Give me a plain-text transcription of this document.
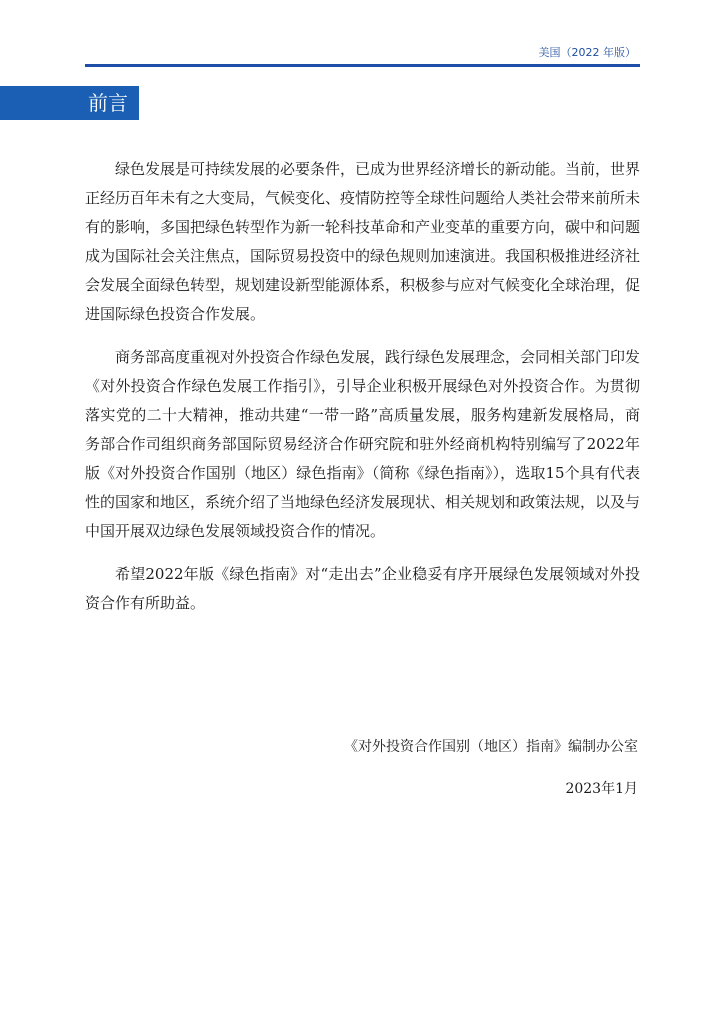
美国（2022 年版）
前言

绿色发展是可持续发展的必要条件，已成为世界经济增长的新动能。当前，世界正经历百年未有之大变局，气候变化、疫情防控等全球性问题给人类社会带来前所未有的影响，多国把绿色转型作为新一轮科技革命和产业变革的重要方向，碳中和问题成为国际社会关注焦点，国际贸易投资中的绿色规则加速演进。我国积极推进经济社会发展全面绿色转型，规划建设新型能源体系，积极参与应对气候变化全球治理，促进国际绿色投资合作发展。

商务部高度重视对外投资合作绿色发展，践行绿色发展理念，会同相关部门印发《对外投资合作绿色发展工作指引》，引导企业积极开展绿色对外投资合作。为贯彻落实党的二十大精神，推动共建“一带一路”高质量发展，服务构建新发展格局，商务部合作司组织商务部国际贸易经济合作研究院和驻外经商机构特别编写了2022年版《对外投资合作国别（地区）绿色指南》（简称《绿色指南》），选取15个具有代表性的国家和地区，系统介绍了当地绿色经济发展现状、相关规划和政策法规，以及与中国开展双边绿色发展领域投资合作的情况。

希望2022年版《绿色指南》对“走出去”企业稳妥有序开展绿色发展领域对外投资合作有所助益。

《对外投资合作国别（地区）指南》编制办公室
2023年1月
